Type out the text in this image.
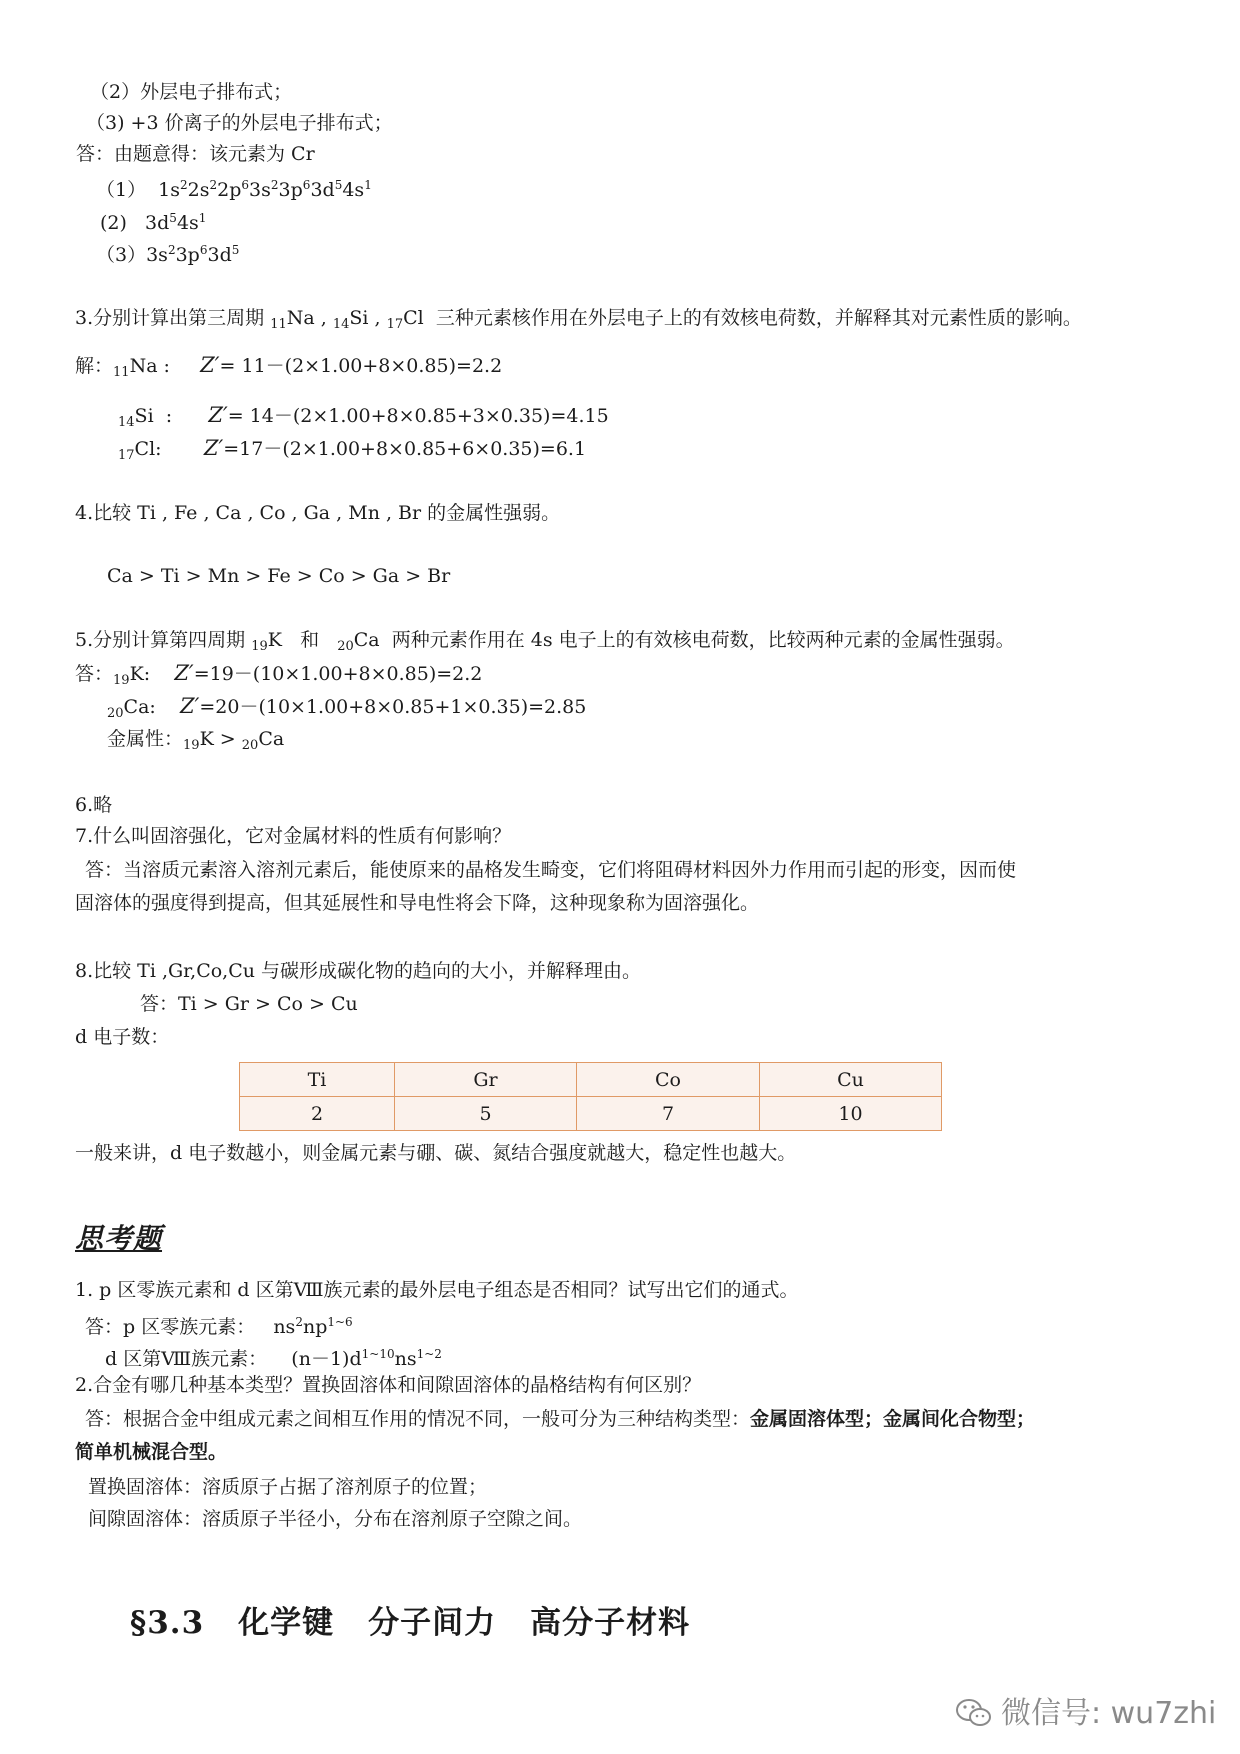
（2）外层电子排布式；
（3) +3 价离子的外层电子排布式；
答：由题意得：该元素为 Cr
（1）  $1s^22s^22p^63s^23p^63d^54s^1$
(2)   $3d^54s^1$
$(3)3s^23p^63d^5$
3.分别计算出第三周期 $_{11}$Na , $_{14}$Si , $_{17}$Cl 三种元素核作用在外层电子上的有效核电荷数，并解释其对元素性质的影响。
解：$_{11}$Na :     Z′= 11－(2×1.00+8×0.85)=2.2
$_{14}$Si  :      Z′= 14－(2×1.00+8×0.85+3×0.35)=4.15
$_{17}$Cl:       Z′=17－(2×1.00+8×0.85+6×0.35)=6.1
4.比较 Ti , Fe , Ca , Co , Ga , Mn , Br 的金属性强弱。
Ca > Ti > Mn > Fe > Co > Ga > Br
5.分别计算第四周期 $_{19}$K 和 $_{20}$Ca 两种元素作用在 4s 电子上的有效核电荷数，比较两种元素的金属性强弱。
答：$_{19}$K:    Z′=19－(10×1.00+8×0.85)=2.2
$_{20}$Ca:    Z′=20－(10×1.00+8×0.85+1×0.35)=2.85
金属性：$_{19}$K > $_{20}$Ca
6.略
7.什么叫固溶强化，它对金属材料的性质有何影响？
答：当溶质元素溶入溶剂元素后，能使原来的晶格发生畸变，它们将阻碍材料因外力作用而引起的形变，因而使
固溶体的强度得到提高，但其延展性和导电性将会下降，这种现象称为固溶强化。
8.比较 Ti ,Gr,Co,Cu 与碳形成碳化物的趋向的大小，并解释理由。
答：Ti > Gr > Co > Cu
d 电子数：
Ti	Gr	Co	Cu
2	5	7	10
一般来讲，d 电子数越小，则金属元素与硼、碳、氮结合强度就越大，稳定性也越大。
思考题
1. p 区零族元素和 d 区第Ⅷ族元素的最外层电子组态是否相同？试写出它们的通式。
答：p 区零族元素：   $ns^2np^{1\sim 6}$
d 区第Ⅷ族元素：    $(n-1)d^{1\sim 10}ns^{1\sim 2}$
2.合金有哪几种基本类型？置换固溶体和间隙固溶体的晶格结构有何区别？
答：根据合金中组成元素之间相互作用的情况不同，一般可分为三种结构类型：金属固溶体型；金属间化合物型；
简单机械混合型。
置换固溶体：溶质原子占据了溶剂原子的位置；
间隙固溶体：溶质原子半径小，分布在溶剂原子空隙之间。
§3.3 化学键 分子间力 高分子材料
微信号: wu7zhi
